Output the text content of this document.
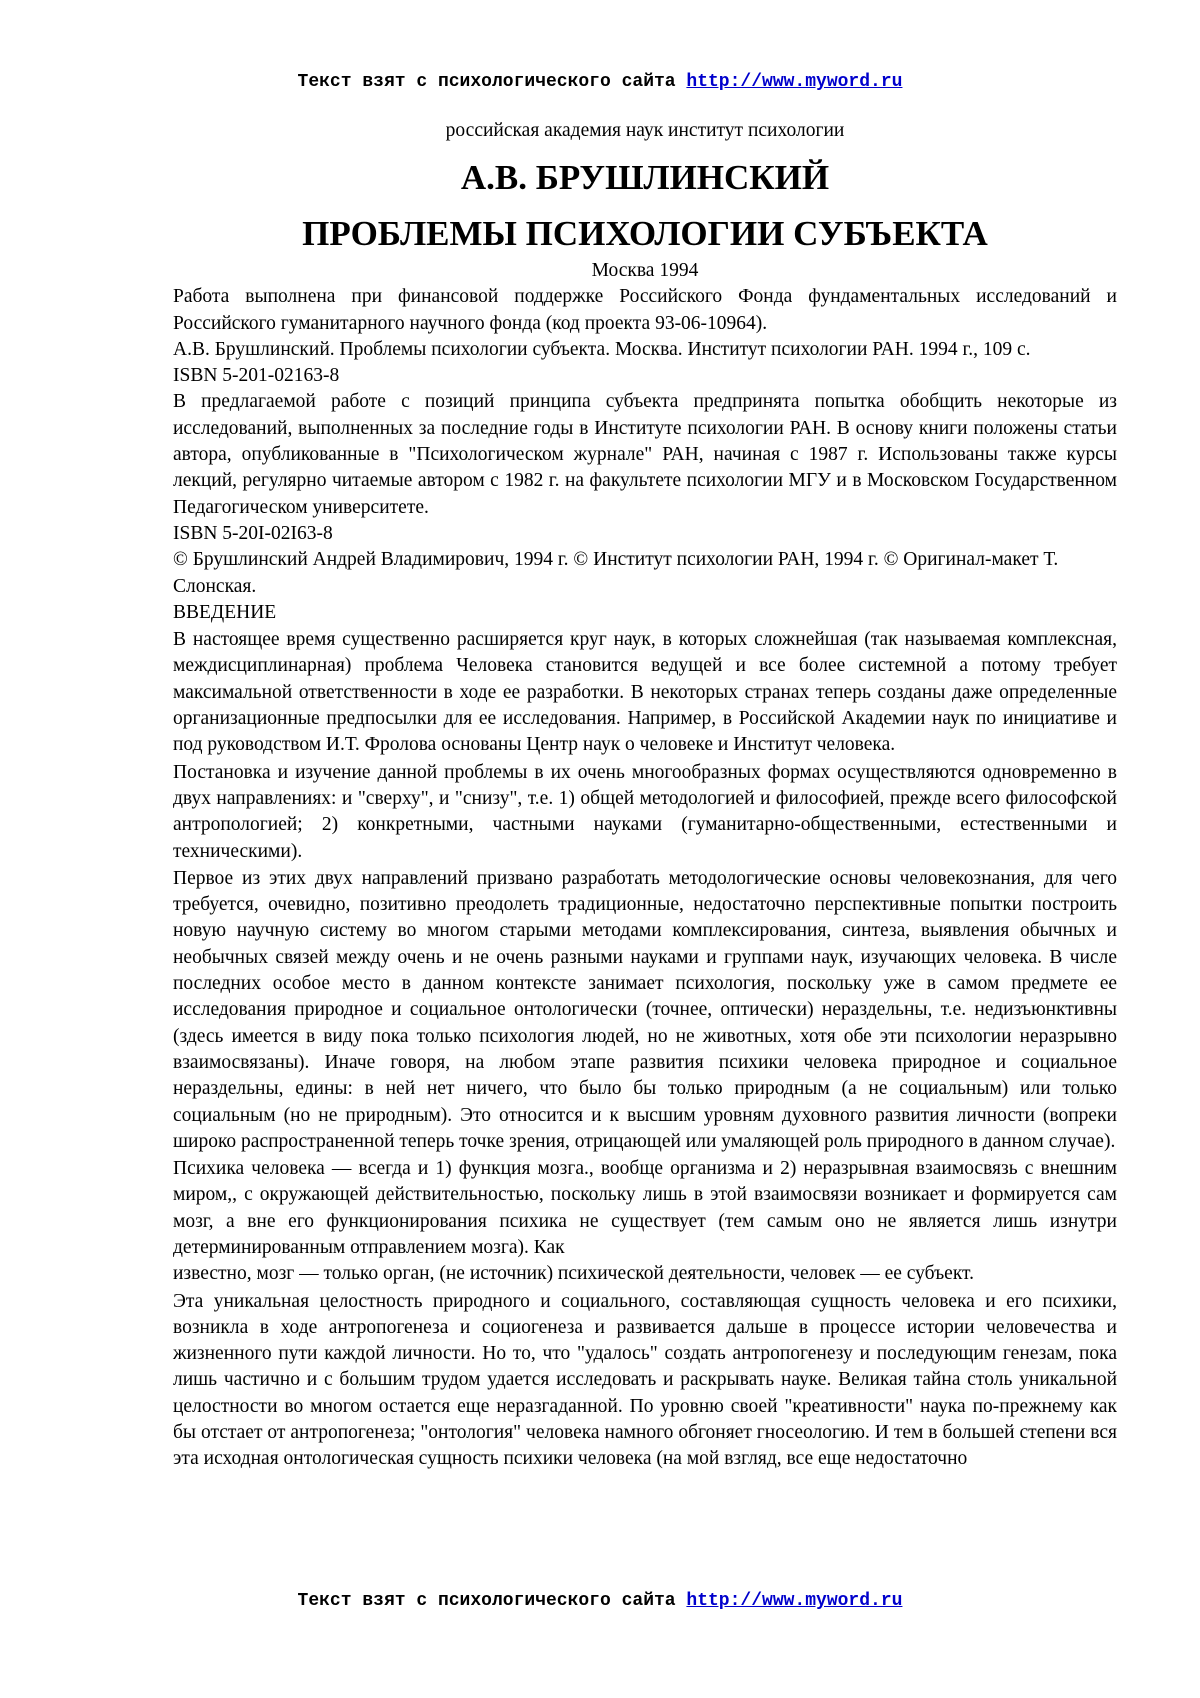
Текст взят с психологического сайта http://www.myword.ru
российская академия наук институт психологии
А.В. БРУШЛИНСКИЙ
ПРОБЛЕМЫ ПСИХОЛОГИИ СУБЪЕКТА
Москва 1994

Работа выполнена при финансовой поддержке Российского Фонда фундаментальных исследований и Российского гуманитарного научного фонда (код проекта 93-06-10964).

А.В. Брушлинский. Проблемы психологии субъекта. Москва. Институт психологии РАН. 1994 г., 109 с.

ISBN 5-201-02163-8

В предлагаемой работе с позиций принципа субъекта предпринята попытка обобщить некоторые из исследований, выполненных за последние годы в Институте психологии РАН. В основу книги положены статьи автора, опубликованные в "Психологическом журнале" РАН, начиная с 1987 г. Использованы также курсы лекций, регулярно читаемые автором с 1982 г. на факультете психологии МГУ и в Московском Государственном Педагогическом университете.

ISBN 5-20I-02I63-8

© Брушлинский Андрей Владимирович, 1994 г. © Институт психологии РАН, 1994 г. © Оригинал-макет Т. Слонская.

ВВЕДЕНИЕ

В настоящее время существенно расширяется круг наук, в которых сложнейшая (так называемая комплексная, междисциплинарная) проблема Человека становится ведущей и все более системной а потому требует максимальной ответственности в ходе ее разработки. В некоторых странах теперь созданы даже определенные организационные предпосылки для ее исследования. Например, в Российской Академии наук по инициативе и под руководством И.Т. Фролова основаны Центр наук о человеке и Институт человека.

Постановка и изучение данной проблемы в их очень многообразных формах осуществляются одновременно в двух направлениях: и "сверху", и "снизу", т.е. 1) общей методологией и философией, прежде всего философской антропологией; 2) конкретными, частными науками (гуманитарно-общественными, естественными и техническими).

Первое из этих двух направлений призвано разработать методологические основы человекознания, для чего требуется, очевидно, позитивно преодолеть традиционные, недостаточно перспективные попытки построить новую научную систему во многом старыми методами комплексирования, синтеза, выявления обычных и необычных связей между очень и не очень разными науками и группами наук, изучающих человека. В числе последних особое место в данном контексте занимает психология, поскольку уже в самом предмете ее исследования природное и социальное онтологически (точнее, оптически) нераздельны, т.е. недизъюнктивны (здесь имеется в виду пока только психология людей, но не животных, хотя обе эти психологии неразрывно взаимосвязаны). Иначе говоря, на любом этапе развития психики человека природное и социальное нераздельны, едины: в ней нет ничего, что было бы только природным (а не социальным) или только социальным (но не природным). Это относится и к высшим уровням духовного развития личности (вопреки широко распространенной теперь точке зрения, отрицающей или умаляющей роль природного в данном случае).

Психика человека — всегда и 1) функция мозга., вообще организма и 2) неразрывная взаимосвязь с внешним миром,, с окружающей действительностью, поскольку лишь в этой взаимосвязи возникает и формируется сам мозг, а вне его функционирования психика не существует (тем самым оно не является лишь изнутри детерминированным отправлением мозга). Как

известно, мозг — только орган, (не источник) психической деятельности, человек — ее субъект.

Эта уникальная целостность природного и социального, составляющая сущность человека и его психики, возникла в ходе антропогенеза и социогенеза и развивается дальше в процессе истории человечества и жизненного пути каждой личности. Но то, что "удалось" создать антропогенезу и последующим генезам, пока лишь частично и с большим трудом удается исследовать и раскрывать науке. Великая тайна столь уникальной целостности во многом остается еще неразгаданной. По уровню своей "креативности" наука по-прежнему как бы отстает от антропогенеза; "онтология" человека намного обгоняет гносеологию. И тем в большей степени вся эта исходная онтологическая сущность психики человека (на мой взгляд, все еще недостаточно

Текст взят с психологического сайта http://www.myword.ru
